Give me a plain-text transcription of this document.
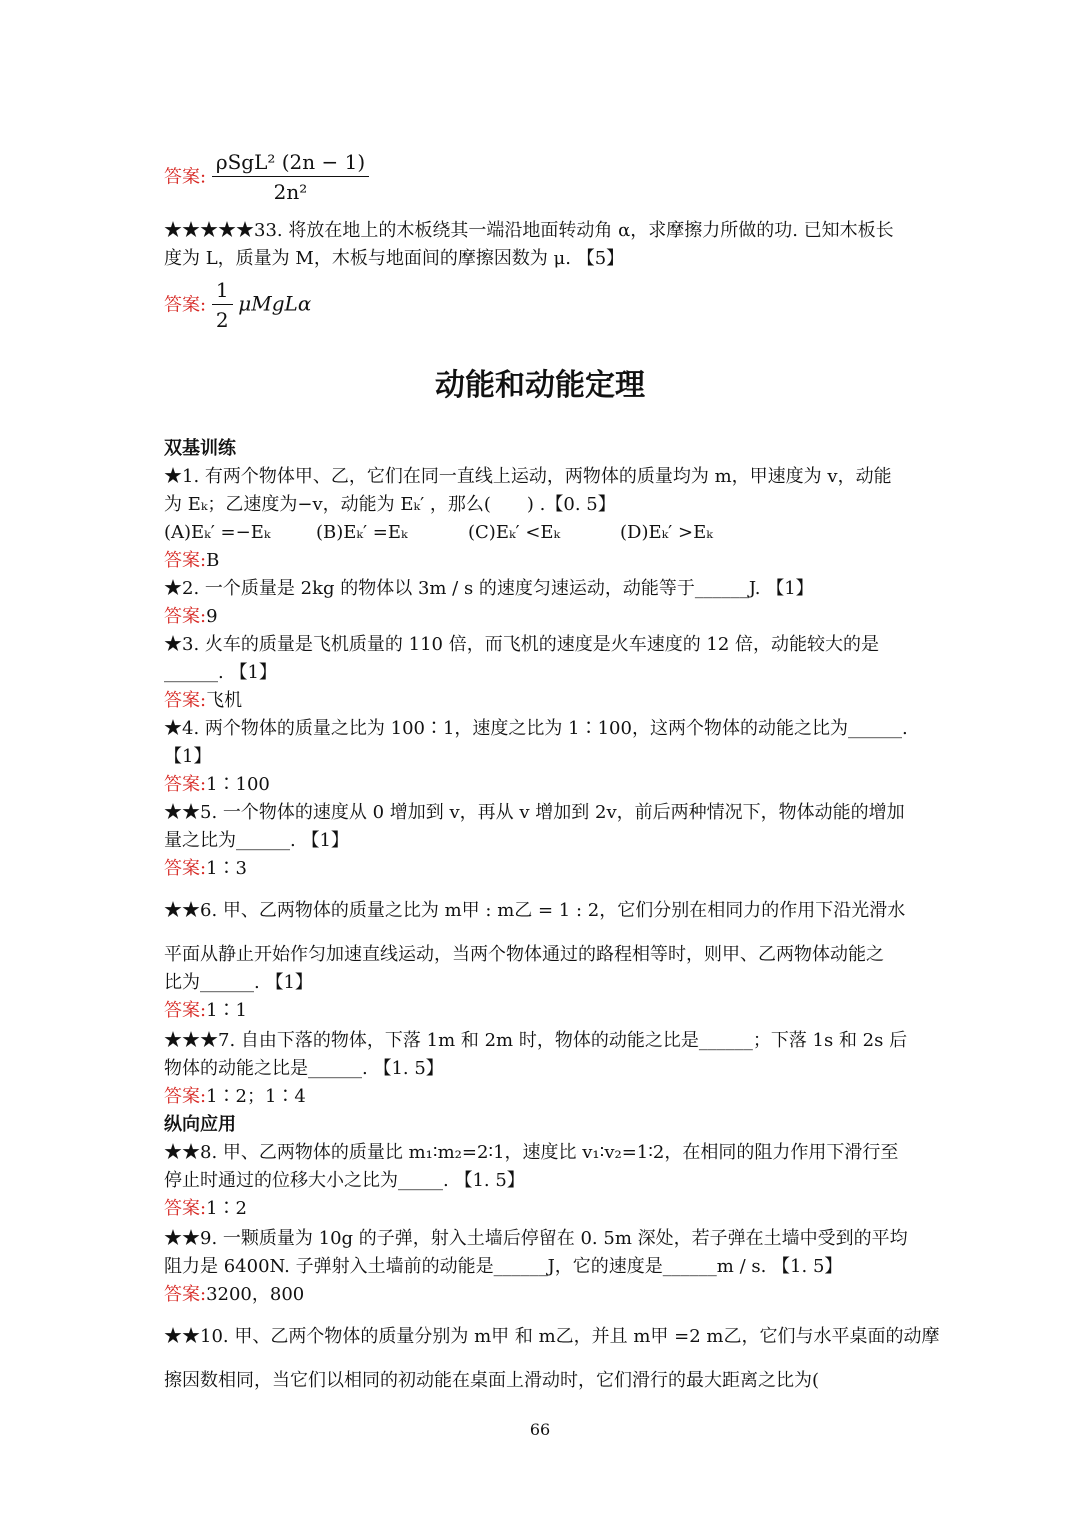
答案: $\frac{\text{ρSgL² (2n − 1)}}{\text{2n²}}$
★★★★★33. 将放在地上的木板绕其一端沿地面转动角 α，求摩擦力所做的功. 已知木板长
度为 L，质量为 M，木板与地面间的摩擦因数为 μ. 【5】
答案: $\frac{1}{2}$ μMgLα
动能和动能定理
双基训练
★1. 有两个物体甲、乙，它们在同一直线上运动，两物体的质量均为 m，甲速度为 v，动能
为 Eₖ；乙速度为−v，动能为 Eₖ′ ，那么(　　) .【0. 5】
(A)Eₖ′ =−Eₖ	(B)Eₖ′ =Eₖ	(C)Eₖ′ <Eₖ	(D)Eₖ′ >Eₖ
答案:B
★2. 一个质量是 2kg 的物体以 3m / s 的速度匀速运动，动能等于______J. 【1】
答案:9
★3. 火车的质量是飞机质量的 110 倍，而飞机的速度是火车速度的 12 倍，动能较大的是
______. 【1】
答案:飞机
★4. 两个物体的质量之比为 100∶1，速度之比为 1∶100，这两个物体的动能之比为______.
【1】
答案:1∶100
★★5. 一个物体的速度从 0 增加到 v，再从 v 增加到 2v，前后两种情况下，物体动能的增加
量之比为______. 【1】
答案:1∶3
★★6. 甲、乙两物体的质量之比为 m甲 : m乙 = 1 : 2，它们分别在相同力的作用下沿光滑水
平面从静止开始作匀加速直线运动，当两个物体通过的路程相等时，则甲、乙两物体动能之
比为______. 【1】
答案:1∶1
★★★7. 自由下落的物体，下落 1m 和 2m 时，物体的动能之比是______；下落 1s 和 2s 后
物体的动能之比是______. 【1. 5】
答案:1∶2；1∶4
纵向应用
★★8. 甲、乙两物体的质量比 m₁∶m₂=2∶1，速度比 v₁∶v₂=1∶2，在相同的阻力作用下滑行至
停止时通过的位移大小之比为_____. 【1. 5】
答案:1∶2
★★9. 一颗质量为 10g 的子弹，射入土墙后停留在 0. 5m 深处，若子弹在土墙中受到的平均
阻力是 6400N. 子弹射入土墙前的动能是______J，它的速度是______m / s. 【1. 5】
答案:3200，800
★★10. 甲、乙两个物体的质量分别为 m甲 和 m乙，并且 m甲 =2 m乙，它们与水平桌面的动摩
擦因数相同，当它们以相同的初动能在桌面上滑动时，它们滑行的最大距离之比为(
66
